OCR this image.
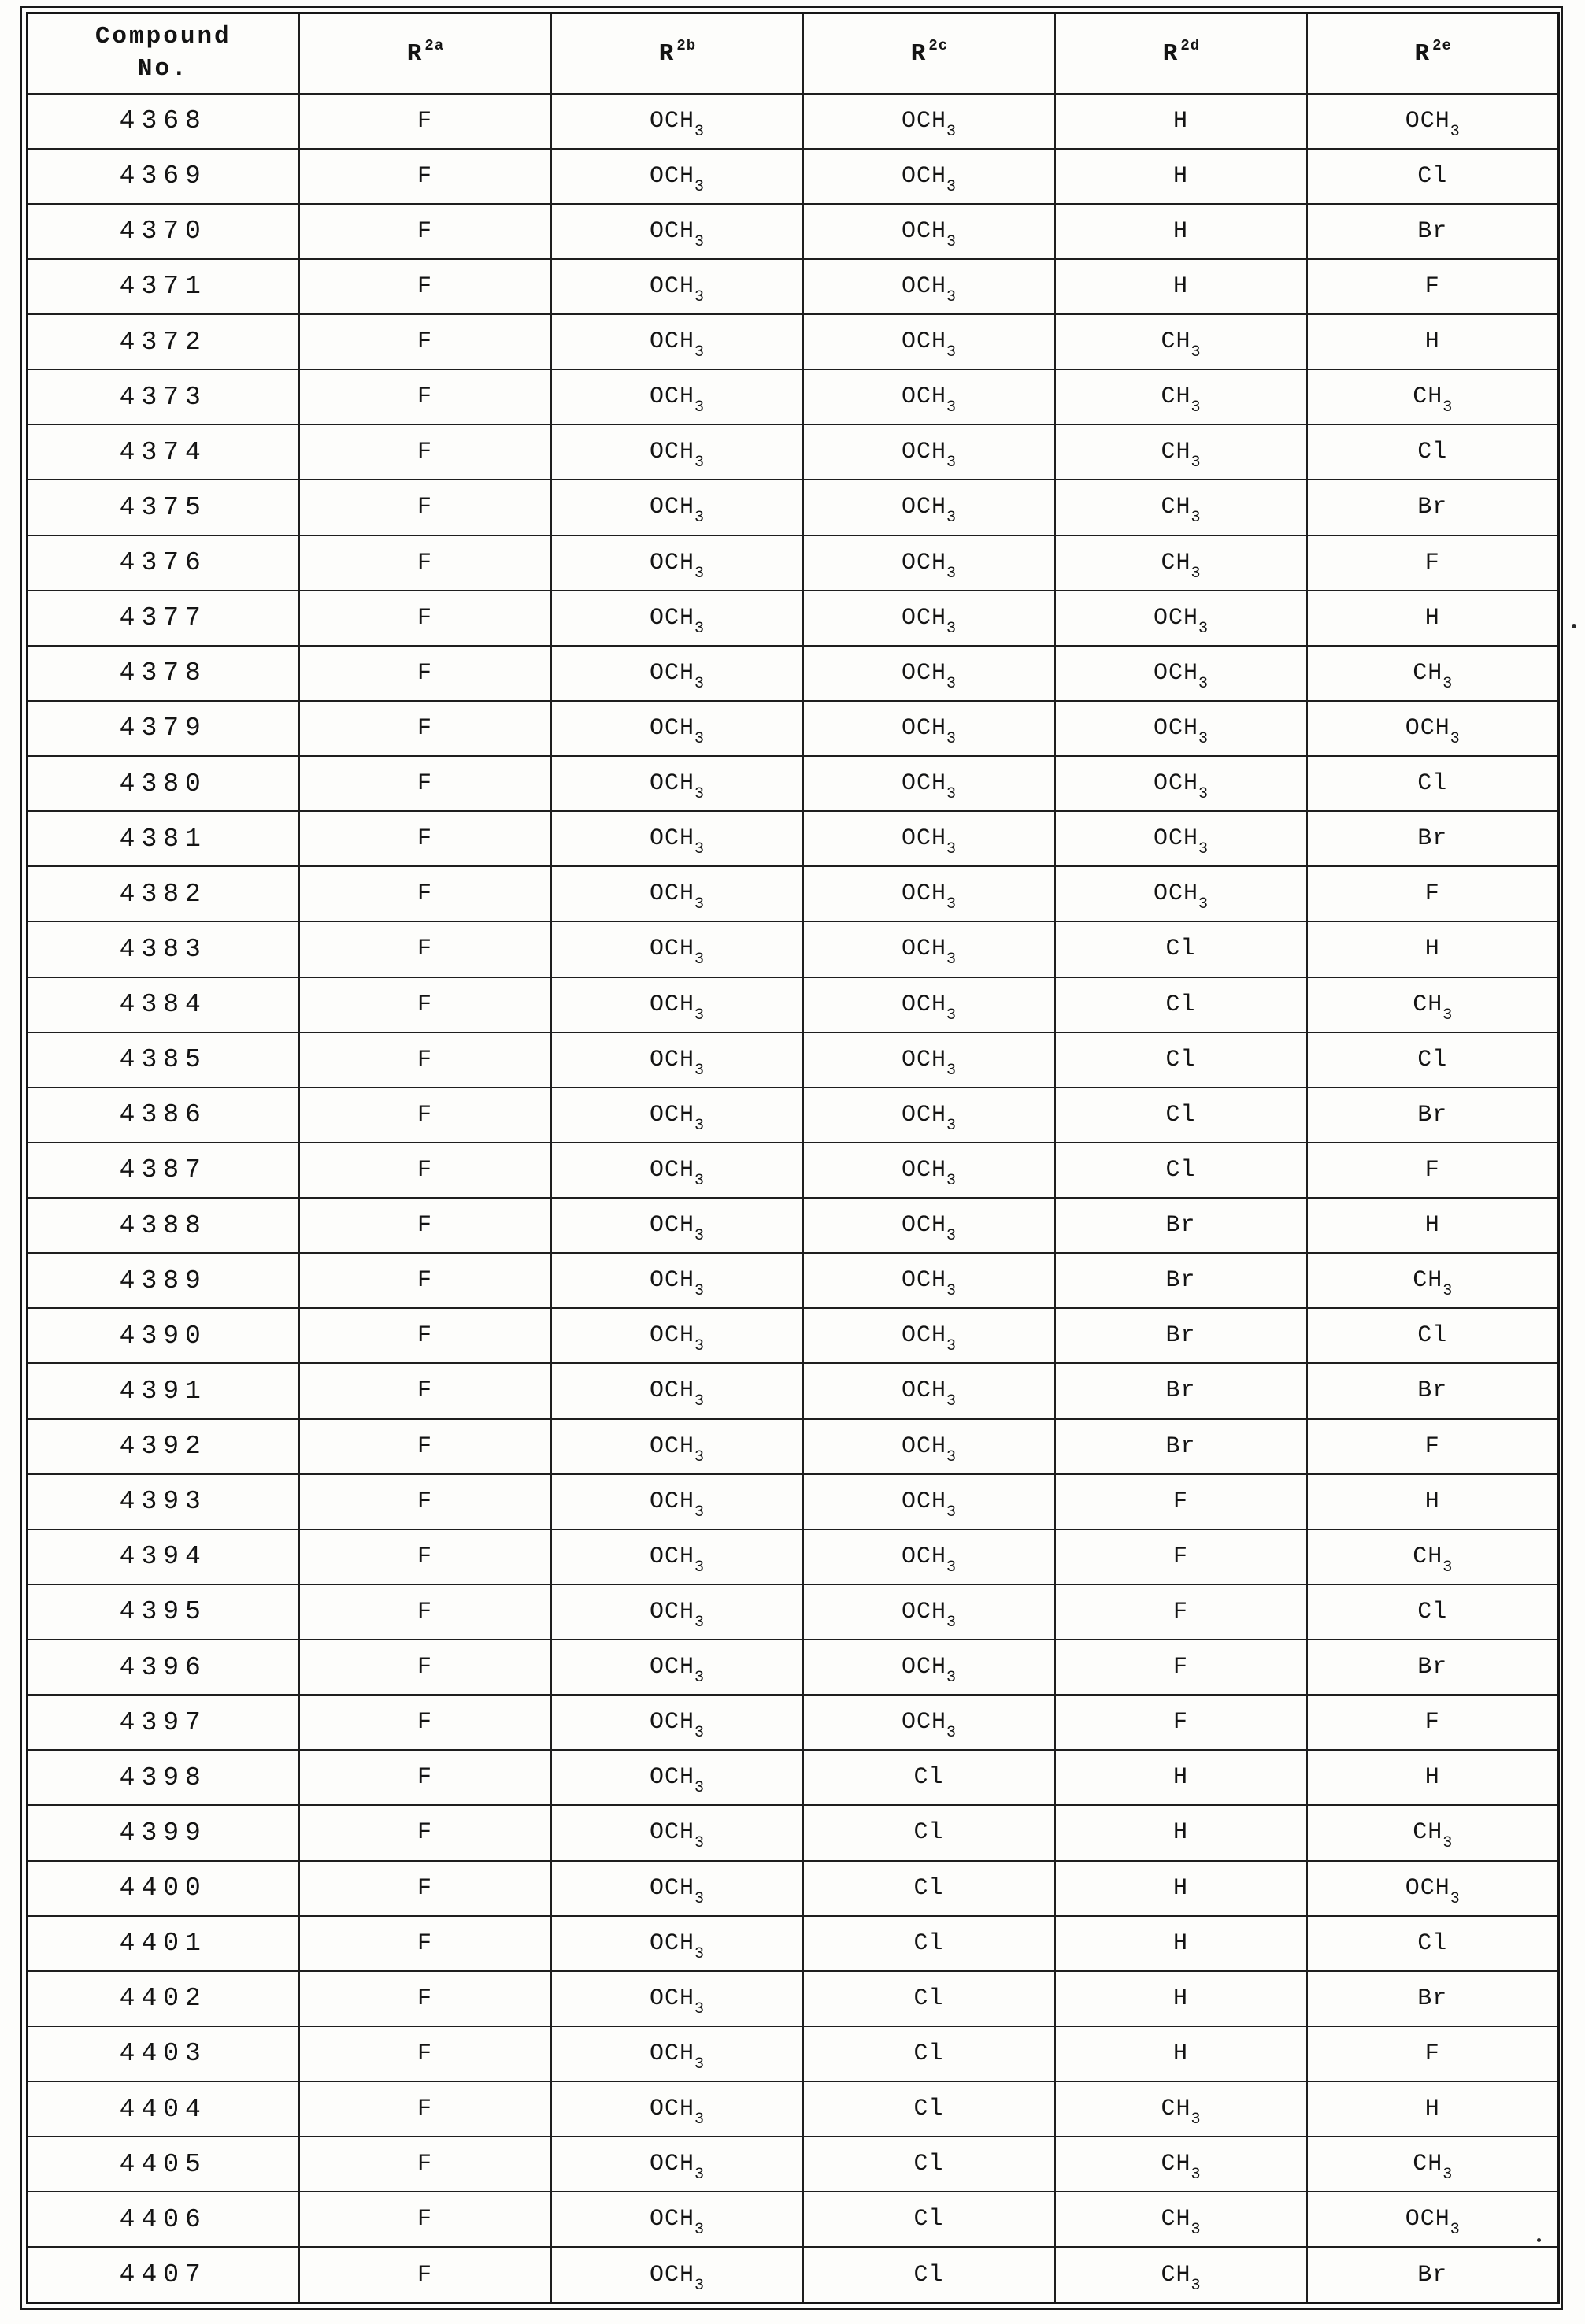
Compound
No.	R $^{2a}$	R $^{2b}$	R $^{2c}$	R $^{2d}$	R $^{2e}$
4368	F	$OCH_3$	$OCH_3$	H	$OCH_3$
4369	F	$OCH_3$	$OCH_3$	H	Cl
4370	F	$OCH_3$	$OCH_3$	H	Br
4371	F	$OCH_3$	$OCH_3$	H	F
4372	F	$OCH_3$	$OCH_3$	$CH_3$	H
4373	F	$OCH_3$	$OCH_3$	$CH_3$	$CH_3$
4374	F	$OCH_3$	$OCH_3$	$CH_3$	Cl
4375	F	$OCH_3$	$OCH_3$	$CH_3$	Br
4376	F	$OCH_3$	$OCH_3$	$CH_3$	F
4377	F	$OCH_3$	$OCH_3$	$OCH_3$	H
4378	F	$OCH_3$	$OCH_3$	$OCH_3$	$CH_3$
4379	F	$OCH_3$	$OCH_3$	$OCH_3$	$OCH_3$
4380	F	$OCH_3$	$OCH_3$	$OCH_3$	Cl
4381	F	$OCH_3$	$OCH_3$	$OCH_3$	Br
4382	F	$OCH_3$	$OCH_3$	$OCH_3$	F
4383	F	$OCH_3$	$OCH_3$	Cl	H
4384	F	$OCH_3$	$OCH_3$	Cl	$CH_3$
4385	F	$OCH_3$	$OCH_3$	Cl	Cl
4386	F	$OCH_3$	$OCH_3$	Cl	Br
4387	F	$OCH_3$	$OCH_3$	Cl	F
4388	F	$OCH_3$	$OCH_3$	Br	H
4389	F	$OCH_3$	$OCH_3$	Br	$CH_3$
4390	F	$OCH_3$	$OCH_3$	Br	Cl
4391	F	$OCH_3$	$OCH_3$	Br	Br
4392	F	$OCH_3$	$OCH_3$	Br	F
4393	F	$OCH_3$	$OCH_3$	F	H
4394	F	$OCH_3$	$OCH_3$	F	$CH_3$
4395	F	$OCH_3$	$OCH_3$	F	Cl
4396	F	$OCH_3$	$OCH_3$	F	Br
4397	F	$OCH_3$	$OCH_3$	F	F
4398	F	$OCH_3$	Cl	H	H
4399	F	$OCH_3$	Cl	H	$CH_3$
4400	F	$OCH_3$	Cl	H	$OCH_3$
4401	F	$OCH_3$	Cl	H	Cl
4402	F	$OCH_3$	Cl	H	Br
4403	F	$OCH_3$	Cl	H	F
4404	F	$OCH_3$	Cl	$CH_3$	H
4405	F	$OCH_3$	Cl	$CH_3$	$CH_3$
4406	F	$OCH_3$	Cl	$CH_3$	$OCH_3$
4407	F	$OCH_3$	Cl	$CH_3$	Br
